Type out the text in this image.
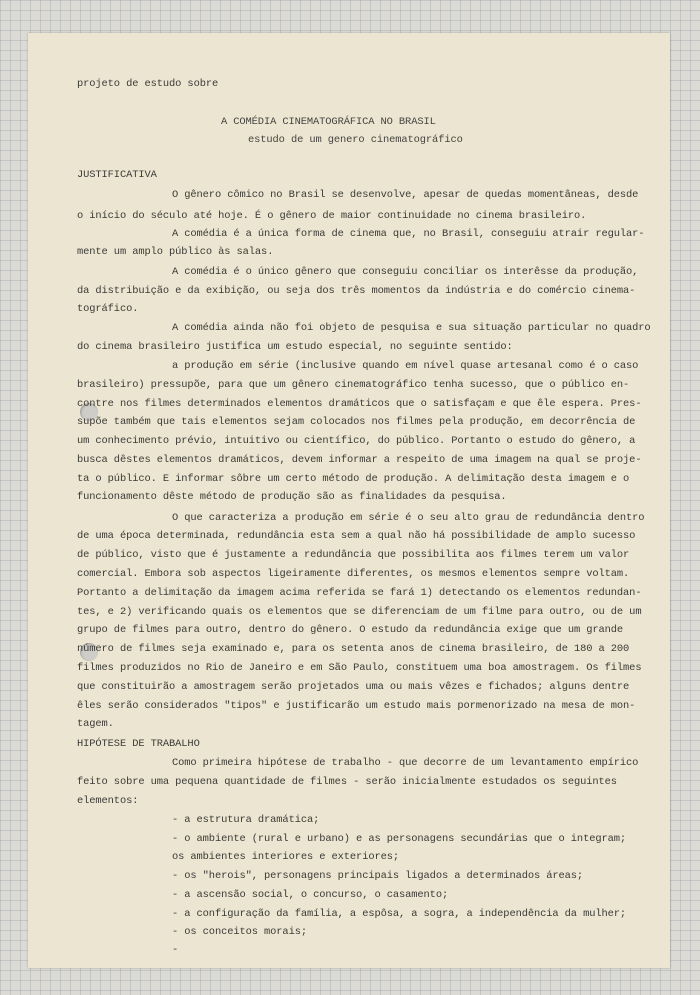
projeto de estudo sobre

A COMÉDIA CINEMATOGRÁFICA NO BRASIL

estudo de um genero cinematográfico

JUSTIFICATIVA

O gênero cômico no Brasil se desenvolve, apesar de quedas momentâneas, desde

o início do século até hoje. É o gênero de maior continuidade no cinema brasileiro.

A comédia é a única forma de cinema que, no Brasil, conseguiu atrair regular-

mente um amplo público às salas.

A comédia é o único gênero que conseguiu conciliar os interêsse da produção,

da distribuição e da exibição, ou seja dos três momentos da indústria e do comércio cinema-

tográfico.

A comédia ainda não foi objeto de pesquisa e sua situação particular no quadro

do cinema brasileiro justifica um estudo especial, no seguinte sentido:

a produção em série (inclusive quando em nível quase artesanal como é o caso

brasileiro) pressupõe, para que um gênero cinematográfico tenha sucesso, que o público en-

contre nos filmes determinados elementos dramáticos que o satisfaçam e que êle espera. Pres-

supõe também que tais elementos sejam colocados nos filmes pela produção, em decorrência de

um conhecimento prévio, intuitivo ou científico, do público. Portanto o estudo do gênero, a

busca dêstes elementos dramáticos, devem informar a respeito de uma imagem na qual se proje-

ta o público. E informar sôbre um certo método de produção. A delimitação desta imagem e o

funcionamento dêste método de produção são as finalidades da pesquisa.

O que caracteriza a produção em série é o seu alto grau de redundância dentro

de uma época determinada, redundância esta sem a qual não há possibilidade de amplo sucesso

de público, visto que é justamente a redundância que possibilita aos filmes terem um valor

comercial. Embora sob aspectos ligeiramente diferentes, os mesmos elementos sempre voltam.

Portanto a delimitação da imagem acima referida se fará 1) detectando os elementos redundan-

tes, e 2) verificando quais os elementos que se diferenciam de um filme para outro, ou de um

grupo de filmes para outro, dentro do gênero. O estudo da redundância exige que um grande

número de filmes seja examinado e, para os setenta anos de cinema brasileiro, de 180 a 200

filmes produzidos no Rio de Janeiro e em São Paulo, constituem uma boa amostragem. Os filmes

que constituirão a amostragem serão projetados uma ou mais vêzes e fichados; alguns dentre

êles serão considerados "tipos" e justificarão um estudo mais pormenorizado na mesa de mon-

tagem.

HIPÓTESE DE TRABALHO

Como primeira hipótese de trabalho - que decorre de um levantamento empírico

feito sobre uma pequena quantidade de filmes - serão inicialmente estudados os seguintes

elementos:

- a estrutura dramática;

- o ambiente (rural e urbano) e as personagens secundárias que o integram;

os ambientes interiores e exteriores;

- os "herois", personagens principais ligados a determinados áreas;

- a ascensão social, o concurso, o casamento;

- a configuração da família, a espôsa, a sogra, a independência da mulher;

- os conceitos morais;

-
